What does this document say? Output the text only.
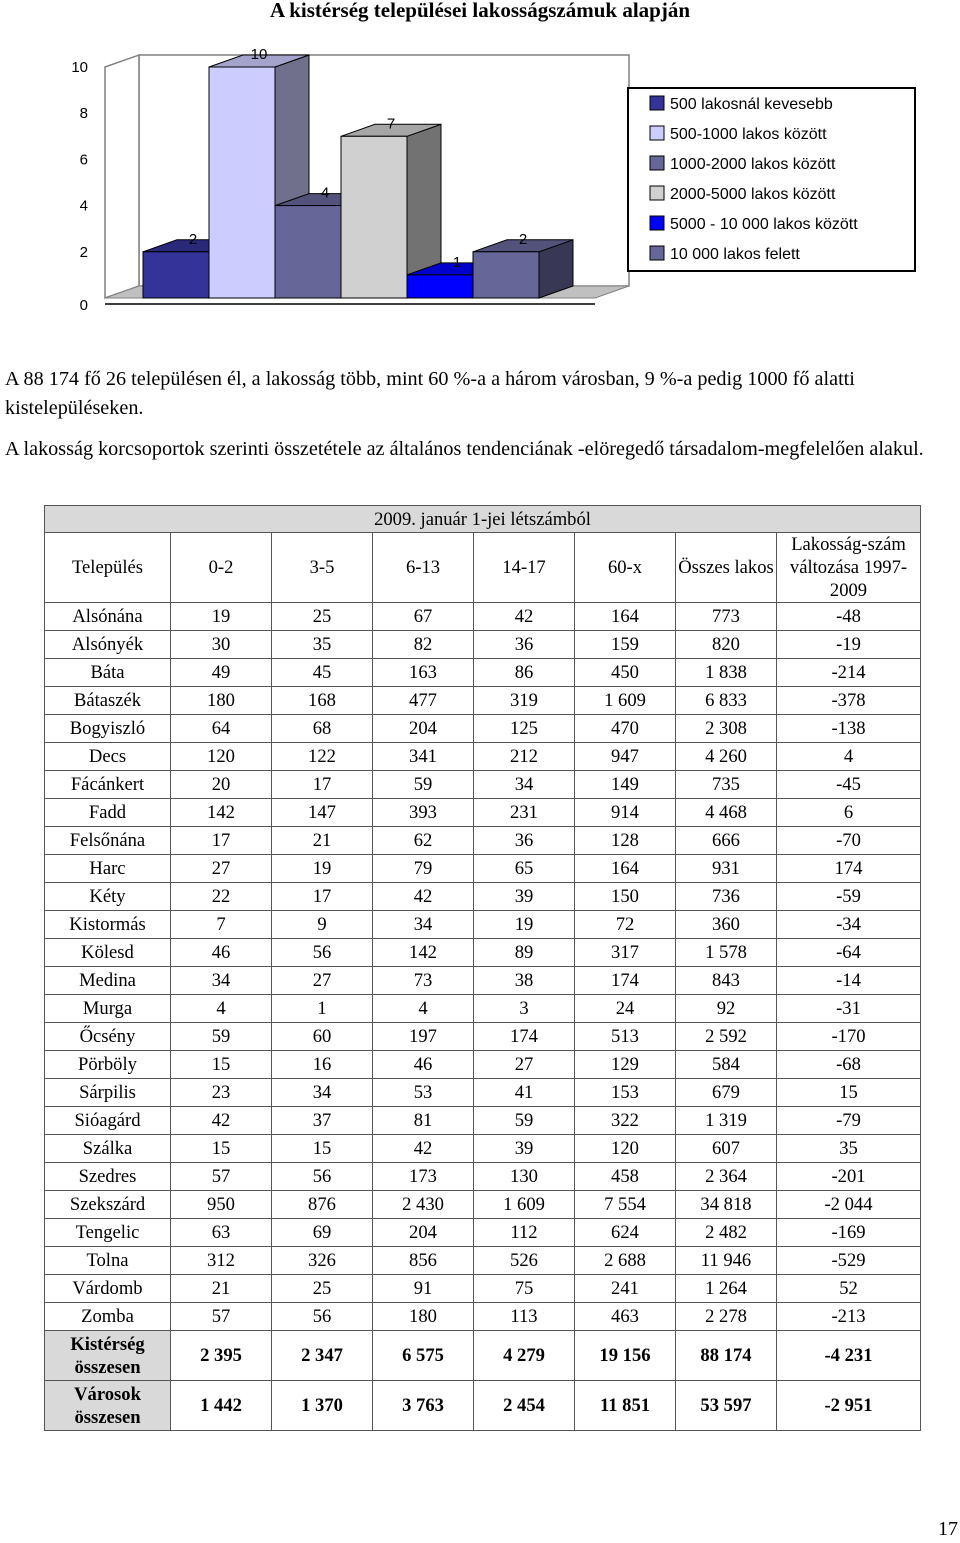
A kistérség települései lakosságszámuk alapján
0
2
4
6
8
10
2
10
4
7
1
2
500 lakosnál kevesebb
500-1000 lakos között
1000-2000 lakos között
2000-5000 lakos között
5000 - 10 000 lakos között
10 000 lakos felett
A 88 174 fő 26 településen él, a lakosság több, mint 60 %-a a három városban, 9 %-a pedig 1000 fő alatti kistelepüléseken.
A lakosság korcsoportok szerinti összetétele az általános tendenciának -elöregedő társadalom-megfelelően alakul.
2009. január 1-jei létszámból							
Település	0-2	3-5	6-13	14-17	60-x	Összes lakos	Lakosság-szám változása 1997-2009
Alsónána	19	25	67	42	164	773	-48
Alsónyék	30	35	82	36	159	820	-19
Báta	49	45	163	86	450	1 838	-214
Bátaszék	180	168	477	319	1 609	6 833	-378
Bogyiszló	64	68	204	125	470	2 308	-138
Decs	120	122	341	212	947	4 260	4
Fácánkert	20	17	59	34	149	735	-45
Fadd	142	147	393	231	914	4 468	6
Felsőnána	17	21	62	36	128	666	-70
Harc	27	19	79	65	164	931	174
Kéty	22	17	42	39	150	736	-59
Kistormás	7	9	34	19	72	360	-34
Kölesd	46	56	142	89	317	1 578	-64
Medina	34	27	73	38	174	843	-14
Murga	4	1	4	3	24	92	-31
Őcsény	59	60	197	174	513	2 592	-170
Pörböly	15	16	46	27	129	584	-68
Sárpilis	23	34	53	41	153	679	15
Sióagárd	42	37	81	59	322	1 319	-79
Szálka	15	15	42	39	120	607	35
Szedres	57	56	173	130	458	2 364	-201
Szekszárd	950	876	2 430	1 609	7 554	34 818	-2 044
Tengelic	63	69	204	112	624	2 482	-169
Tolna	312	326	856	526	2 688	11 946	-529
Várdomb	21	25	91	75	241	1 264	52
Zomba	57	56	180	113	463	2 278	-213
Kistérség összesen	2 395	2 347	6 575	4 279	19 156	88 174	-4 231
Városok összesen	1 442	1 370	3 763	2 454	11 851	53 597	-2 951
17
